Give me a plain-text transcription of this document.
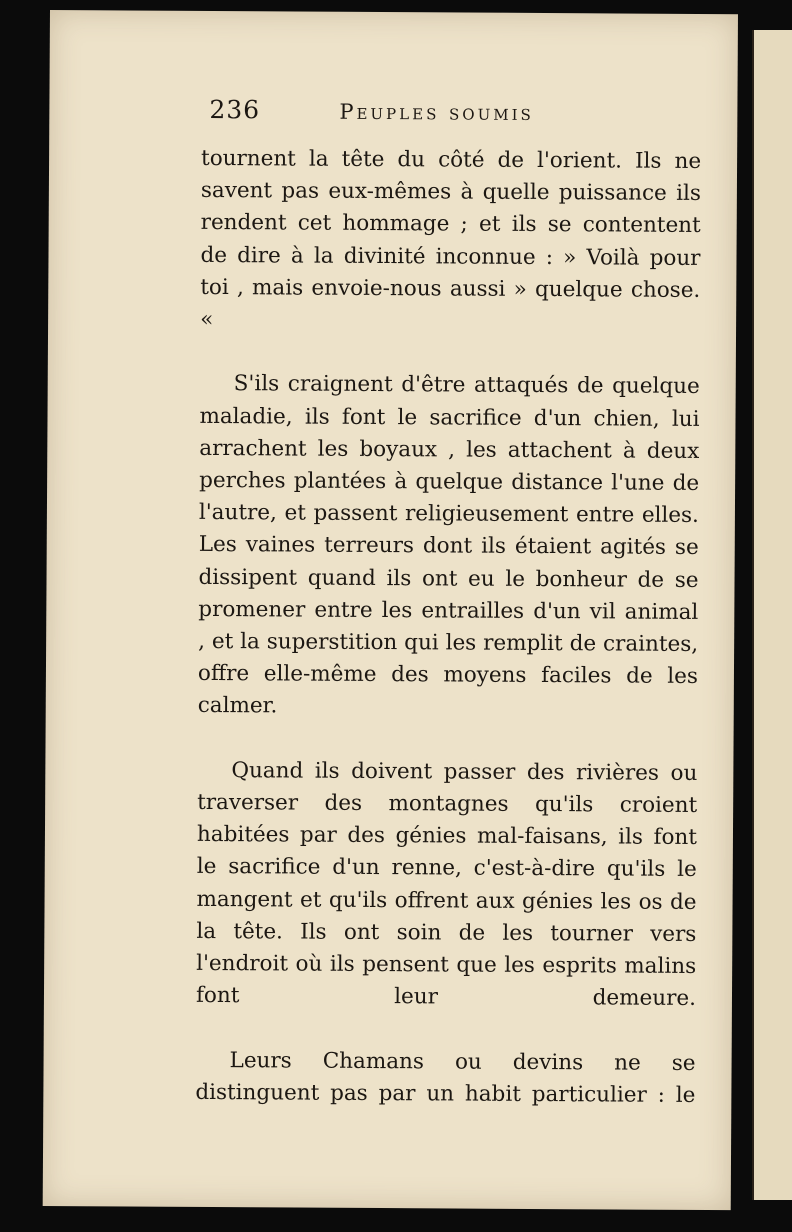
236	Peuples soumis

tournent la tête du côté de l'orient. Ils ne savent pas eux-mêmes à quelle puissance ils rendent cet hommage ; et ils se contentent de dire à la divinité inconnue : » Voilà pour toi , mais envoie-nous aussi » quelque chose. «

S'ils craignent d'être attaqués de quelque maladie, ils font le sacrifice d'un chien, lui arrachent les boyaux , les attachent à deux perches plantées à quelque distance l'une de l'autre, et passent religieusement entre elles. Les vaines terreurs dont ils étaient agités se dissipent quand ils ont eu le bonheur de se promener entre les entrailles d'un vil animal , et la superstition qui les remplit de craintes, offre elle-même des moyens faciles de les calmer.

Quand ils doivent passer des rivières ou traverser des montagnes qu'ils croient habitées par des génies mal-faisans, ils font le sacrifice d'un renne, c'est-à-dire qu'ils le mangent et qu'ils offrent aux génies les os de la tête. Ils ont soin de les tourner vers l'endroit où ils pensent que les esprits malins font leur demeure.

Leurs Chamans ou devins ne se distinguent pas par un habit particulier : le
